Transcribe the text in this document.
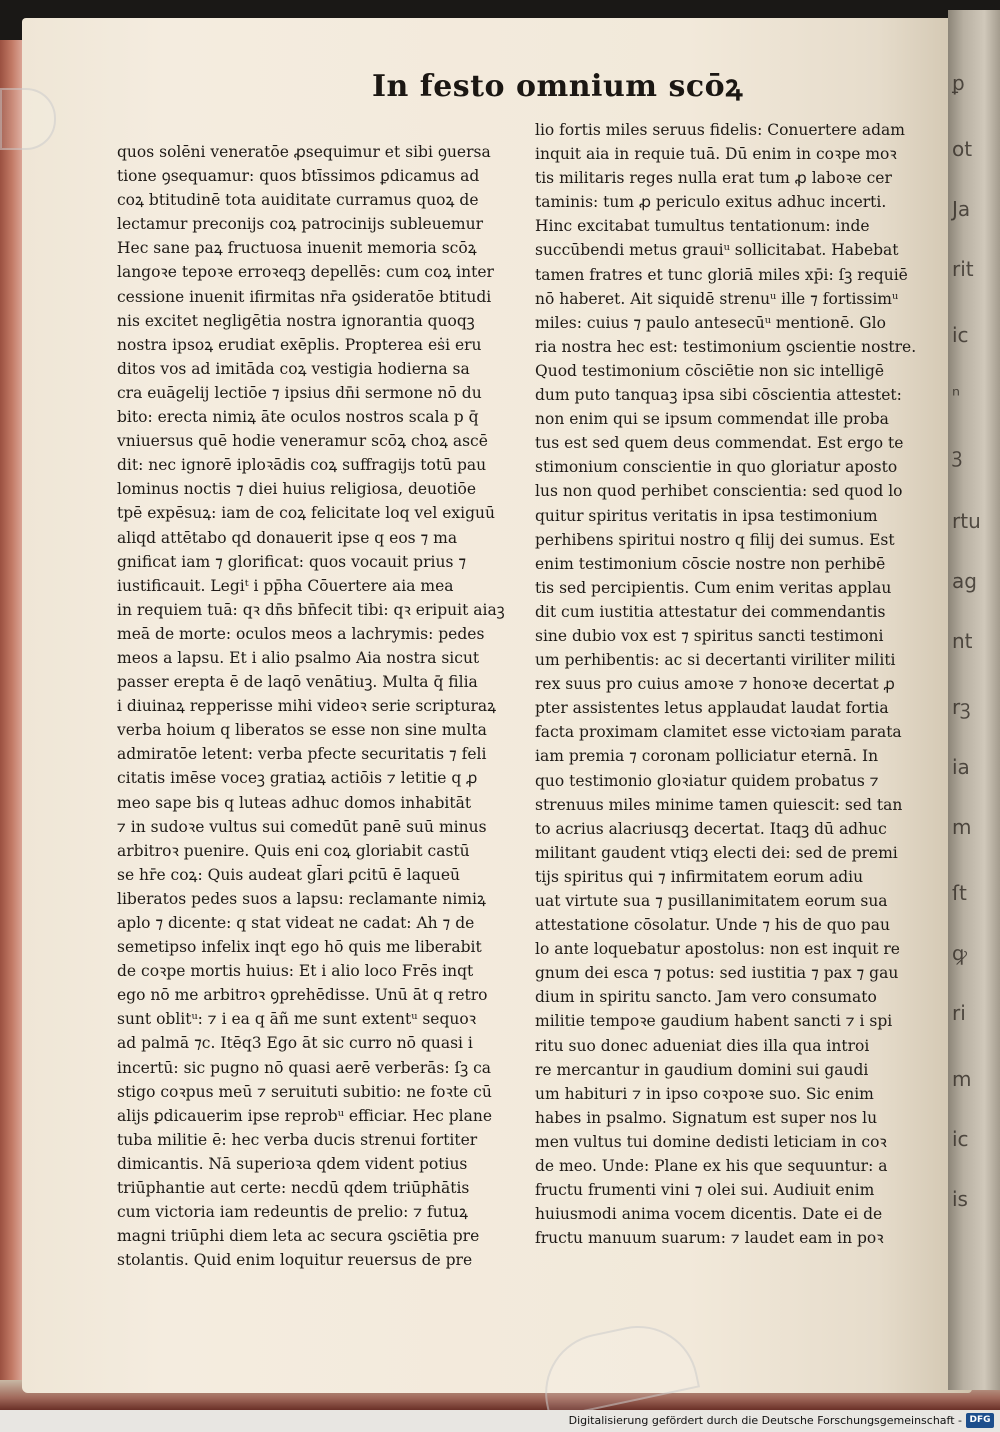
In festo omnium scōꝝ
quos solēni veneratōe ꝓsequimur et sibi ꝯuersa
tione ꝯsequamur: quos btīssimos ꝑdicamus ad
coꝝ btitudinē tota auiditate curramus quoꝝ de
lectamur preconijs coꝝ patrocinijs subleuemur
Hec sane paꝝ fructuosa inuenit memoria scōꝝ
langoꝛe tepoꝛe erroꝛeqꝫ depellēs: cum coꝝ inter
cessione inuenit ifirmitas nr̄a ꝯsideratōe btitudi
nis excitet negligētia nostra ignorantia quoqꝫ
nostra ipsoꝝ erudiat exēplis. Propterea eṡi eru
ditos vos ad imitāda coꝝ vestigia hodierna sa
cra euāgelij lectiōe ⁊ ipsius dn̄i sermone nō du
bito: erecta nimiꝝ āte oculos nostros scala p q̄
vniuersus quē hodie veneramur scōꝝ choꝝ ascē
dit: nec ignorē iploꝛādis coꝝ suffragijs totū pau
lominus noctis ⁊ diei huius religiosa, deuotiōe
tpē expēsuꝝ: iam de coꝝ felicitate loq vel exiguū
aliqd attētabo qd donauerit ipse q eos ⁊ ma
gnificat iam ⁊ glorificat: quos vocauit prius ⁊
iustificauit. Legiᵗ i pp̄ha Cōuertere aia mea
in requiem tuā: qꝛ dn̄s bn̄fecit tibi: qꝛ eripuit aiaꝫ
meā de morte: oculos meos a lachrymis: pedes
meos a lapsu. Et i alio psalmo Aia nostra sicut
passer erepta ē de laqō venātiuꝫ. Multa q̄ filia
i diuinaꝝ repperisse mihi videoꝛ serie scripturaꝝ
verba hoium q liberatos se esse non sine multa
admiratōe letent: verba pfecte securitatis ⁊ feli
citatis imēse voceꝫ gratiaꝝ actiōis ⁊ letitie q ꝓ
meo sape bis q luteas adhuc domos inhabitāt
⁊ in sudoꝛe vultus sui comedūt panē suū minus
arbitroꝛ puenire. Quis eni coꝝ gloriabit castū
se hr̄e coꝝ: Quis audeat gl̄ari ꝑcitū ē laqueū
liberatos pedes suos a lapsu: reclamante nimiꝝ
aplo ⁊ dicente: q stat videat ne cadat: Ah ⁊ de
semetipso infelix inqt ego hō quis me liberabit
de coꝛpe mortis huius: Et i alio loco Frēs inqt
ego nō me arbitroꝛ ꝯprehēdisse. Unū āt q retro
sunt oblitᵘ: ⁊ i ea q āñ me sunt extentᵘ sequoꝛ
ad palmā ⁊c. Itēq3 Ego āt sic curro nō quasi i
incertū: sic pugno nō quasi aerē verberās: ſꝫ ca
stigo coꝛpus meū ⁊ seruituti subitio: ne foꝛte cū
alijs ꝑdicauerim ipse reprobᵘ efficiar. Hec plane
tuba militie ē: hec verba ducis strenui fortiter
dimicantis. Nā superioꝛa qdem vident potius
triūphantie aut certe: necdū qdem triūphātis
cum victoria iam redeuntis de prelio: ⁊ futuꝝ
magni triūphi diem leta ac secura ꝯsciētia pre
stolantis. Quid enim loquitur reuersus de pre
lio fortis miles seruus fidelis: Conuertere adam
inquit aia in requie tuā. Dū enim in coꝛpe moꝛ
tis militaris reges nulla erat tum ꝓ laboꝛe cer
taminis: tum ꝓ periculo exitus adhuc incerti.
Hinc excitabat tumultus tentationum: inde
succūbendi metus grauiᵘ sollicitabat. Habebat
tamen fratres et tunc gloriā miles xp̄i: ſꝫ requiē
nō haberet. Ait siquidē strenuᵘ ille ⁊ fortissimᵘ
miles: cuius ⁊ paulo antesecūᵘ mentionē. Glo
ria nostra hec est: testimonium ꝯscientie nostre.
Quod testimonium cōsciētie non sic intelligē
dum puto tanquaꝫ ipsa sibi cōscientia attestet:
non enim qui se ipsum commendat ille proba
tus est sed quem deus commendat. Est ergo te
stimonium conscientie in quo gloriatur aposto
lus non quod perhibet conscientia: sed quod lo
quitur spiritus veritatis in ipsa testimonium
perhibens spiritui nostro q filij dei sumus. Est
enim testimonium cōscie nostre non perhibē
tis sed percipientis. Cum enim veritas applau
dit cum iustitia attestatur dei commendantis
sine dubio vox est ⁊ spiritus sancti testimoni
um perhibentis: ac si decertanti viriliter militi
rex suus pro cuius amoꝛe ⁊ honoꝛe decertat ꝓ
pter assistentes letus applaudat laudat fortia
facta proximam clamitet esse victoꝛiam parata
iam premia ⁊ coronam polliciatur eternā. In
quo testimonio gloꝛiatur quidem probatus ⁊
strenuus miles minime tamen quiescit: sed tan
to acrius alacriusqꝫ decertat. Itaqꝫ dū adhuc
militant gaudent vtiqꝫ electi dei: sed de premi
tijs spiritus qui ⁊ infirmitatem eorum adiu
uat virtute sua ⁊ pusillanimitatem eorum sua
attestatione cōsolatur. Unde ⁊ his de quo pau
lo ante loquebatur apostolus: non est inquit re
gnum dei esca ⁊ potus: sed iustitia ⁊ pax ⁊ gau
dium in spiritu sancto. Jam vero consumato
militie tempoꝛe gaudium habent sancti ⁊ i spi
ritu suo donec adueniat dies illa qua introi
re mercantur in gaudium domini sui gaudi
um habituri ⁊ in ipso coꝛpoꝛe suo. Sic enim
habes in psalmo. Signatum est super nos lu
men vultus tui domine dedisti leticiam in coꝛ
de meo. Unde: Plane ex his que sequuntur: a
fructu frumenti vini ⁊ olei sui. Audiuit enim
huiusmodi anima vocem dicentis. Date ei de
fructu manuum suarum: ⁊ laudet eam in poꝛ
ꝑ
ot
Ja
rit
ic
ⁿ
ꝫ
rtu
ag
nt
rꝫ
ia
m
ſt
ꝙ
ri
m
ic
is
Digitalisierung gefördert durch die Deutsche Forschungsgemeinschaft - DFG
